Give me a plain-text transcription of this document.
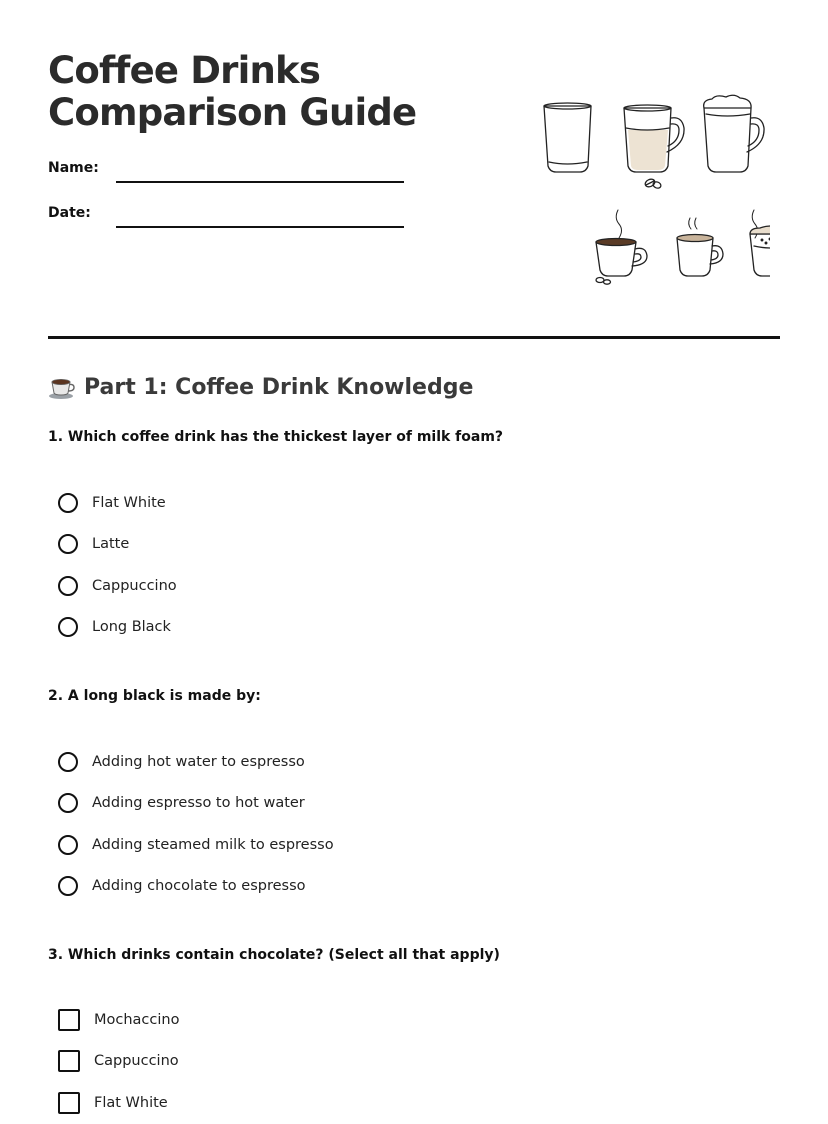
Coffee Drinks
Comparison Guide
Name:
Date:
Part 1: Coffee Drink Knowledge

1. Which coffee drink has the thickest layer of milk foam?

Flat White
Latte
Cappuccino
Long Black

2. A long black is made by:

Adding hot water to espresso
Adding espresso to hot water
Adding steamed milk to espresso
Adding chocolate to espresso

3. Which drinks contain chocolate? (Select all that apply)

Mochaccino
Cappuccino
Flat White
